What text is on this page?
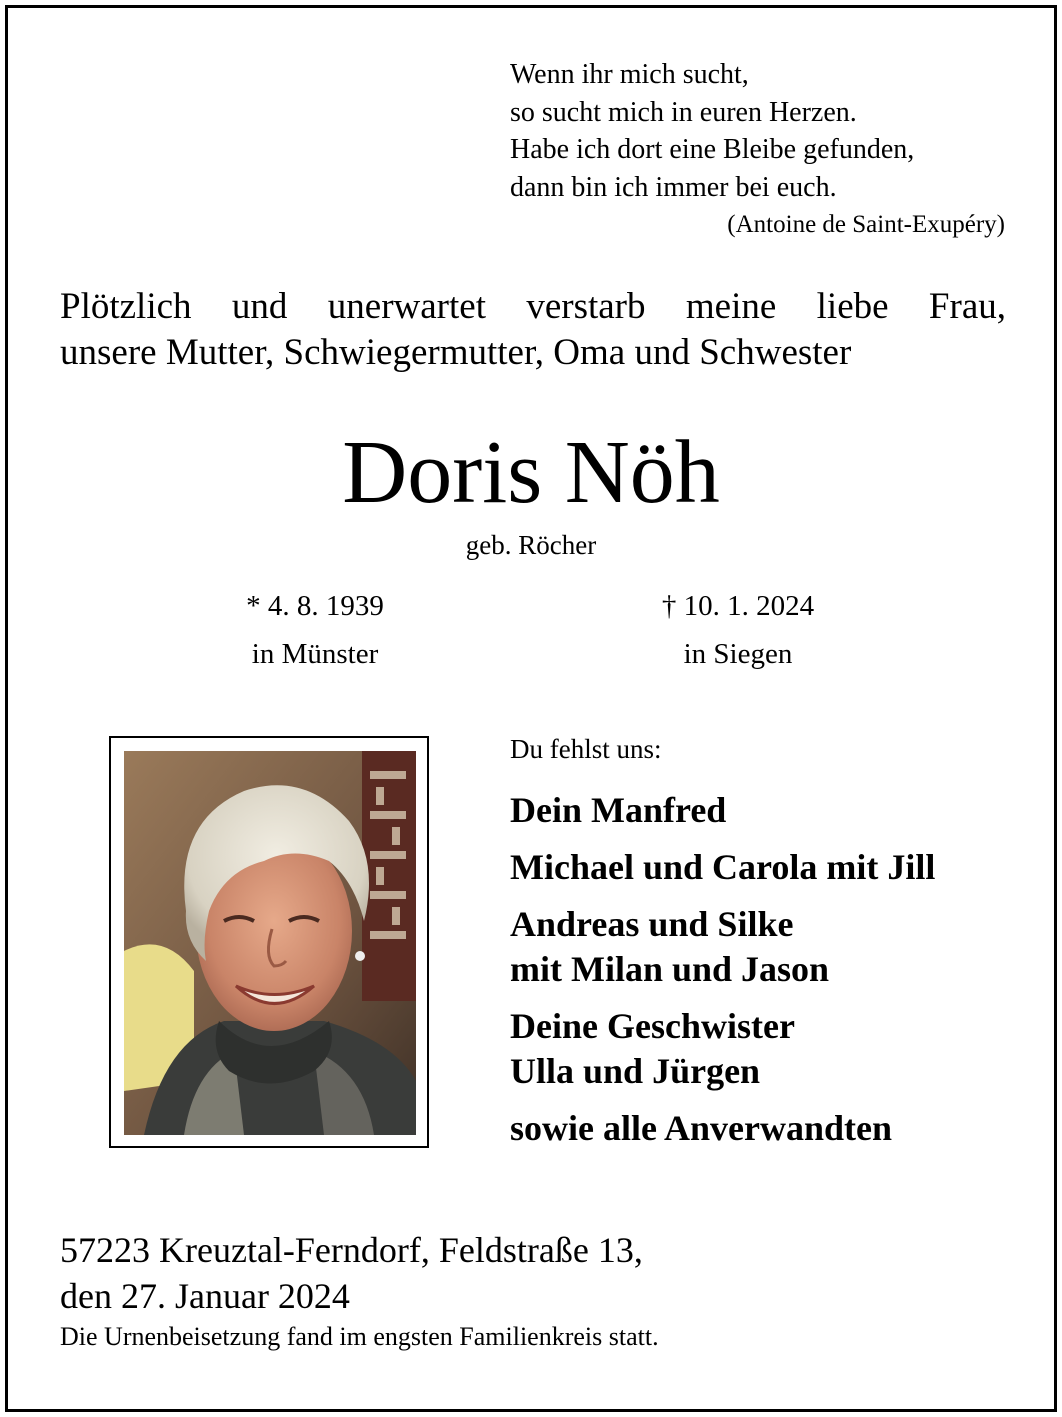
Wenn ihr mich sucht,
so sucht mich in euren Herzen.
Habe ich dort eine Bleibe gefunden,
dann bin ich immer bei euch.
(Antoine de Saint-Exupéry)
Plötzlich und unerwartet verstarb meine liebe Frau,
unsere Mutter, Schwiegermutter, Oma und Schwester
Doris Nöh
geb. Röcher
* 4. 8. 1939
in Münster
† 10. 1. 2024
in Siegen
Du fehlst uns:
Dein Manfred
Michael und Carola mit Jill
Andreas und Silke
mit Milan und Jason
Deine Geschwister
Ulla und Jürgen
sowie alle Anverwandten
57223 Kreuztal-Ferndorf, Feldstraße 13,
den 27. Januar 2024
Die Urnenbeisetzung fand im engsten Familienkreis statt.
